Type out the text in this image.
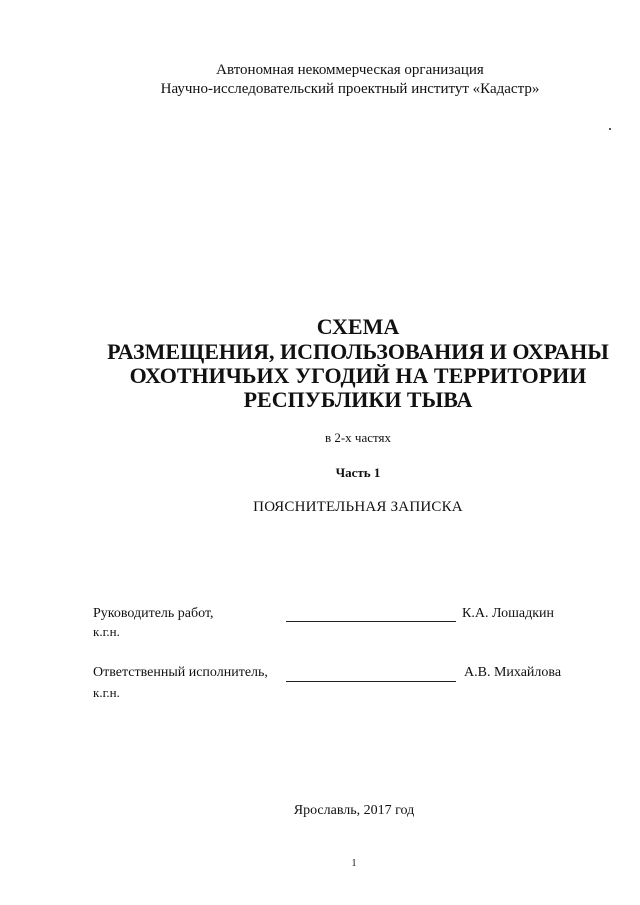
Автономная некоммерческая организация
Научно-исследовательский проектный институт «Кадастр»
СХЕМА
РАЗМЕЩЕНИЯ, ИСПОЛЬЗОВАНИЯ И ОХРАНЫ
ОХОТНИЧЬИХ УГОДИЙ НА ТЕРРИТОРИИ
РЕСПУБЛИКИ ТЫВА
в 2-х частях
Часть 1
ПОЯСНИТЕЛЬНАЯ ЗАПИСКА
Руководитель работ,
к.г.н.
К.А. Лошадкин
Ответственный исполнитель,
к.г.н.
А.В. Михайлова
Ярославль, 2017 год
1
